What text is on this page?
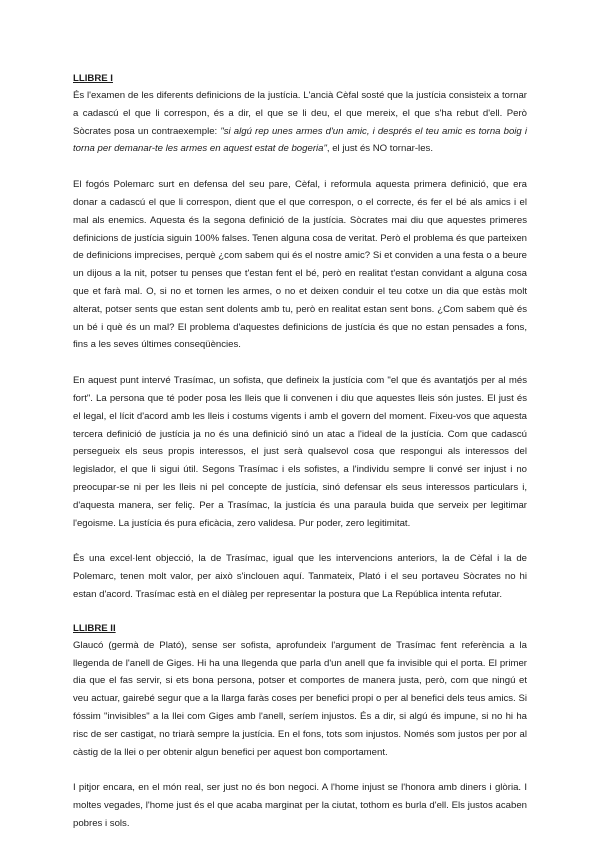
LLIBRE I

És l'examen de les diferents definicions de la justícia. L'ancià Cèfal sosté que la justícia consisteix a tornar a cadascú el que li correspon, és a dir, el que se li deu, el que mereix, el que s'ha rebut d'ell. Però Sòcrates posa un contraexemple: "si algú rep unes armes d'un amic, i després el teu amic es torna boig i torna per demanar-te les armes en aquest estat de bogeria", el just és NO tornar-les.

El fogós Polemarc surt en defensa del seu pare, Cèfal, i reformula aquesta primera definició, que era donar a cadascú el que li correspon, dient que el que correspon, o el correcte, és fer el bé als amics i el mal als enemics. Aquesta és la segona definició de la justícia. Sòcrates mai diu que aquestes primeres definicions de justícia siguin 100% falses. Tenen alguna cosa de veritat. Però el problema és que parteixen de definicions imprecises, perquè ¿com sabem qui és el nostre amic? Si et conviden a una festa o a beure un dijous a la nit, potser tu penses que t'estan fent el bé, però en realitat t'estan convidant a alguna cosa que et farà mal. O, si no et tornen les armes, o no et deixen conduir el teu cotxe un dia que estàs molt alterat, potser sents que estan sent dolents amb tu, però en realitat estan sent bons. ¿Com sabem què és un bé i què és un mal? El problema d'aquestes definicions de justícia és que no estan pensades a fons, fins a les seves últimes conseqüències.

En aquest punt intervé Trasímac, un sofista, que defineix la justícia com "el que és avantatjós per al més fort". La persona que té poder posa les lleis que li convenen i diu que aquestes lleis són justes. El just és el legal, el lícit d'acord amb les lleis i costums vigents i amb el govern del moment. Fixeu-vos que aquesta tercera definició de justícia ja no és una definició sinó un atac a l'ideal de la justícia. Com que cadascú persegueix els seus propis interessos, el just serà qualsevol cosa que respongui als interessos del legislador, el que li sigui útil. Segons Trasímac i els sofistes, a l'individu sempre li convé ser injust i no preocupar-se ni per les lleis ni pel concepte de justícia, sinó defensar els seus interessos particulars i, d'aquesta manera, ser feliç. Per a Trasímac, la justícia és una paraula buida que serveix per legitimar l'egoisme. La justícia és pura eficàcia, zero validesa. Pur poder, zero legitimitat.

És una excel·lent objecció, la de Trasímac, igual que les intervencions anteriors, la de Cèfal i la de Polemarc, tenen molt valor, per això s'inclouen aquí. Tanmateix, Plató i el seu portaveu Sòcrates no hi estan d'acord. Trasímac està en el diàleg per representar la postura que La República intenta refutar.

LLIBRE II

Glaucó (germà de Plató), sense ser sofista, aprofundeix l'argument de Trasímac fent referència a la llegenda de l'anell de Giges. Hi ha una llegenda que parla d'un anell que fa invisible qui el porta. El primer dia que el fas servir, si ets bona persona, potser et comportes de manera justa, però, com que ningú et veu actuar, gairebé segur que a la llarga faràs coses per benefici propi o per al benefici dels teus amics. Si fóssim "invisibles" a la llei com Giges amb l'anell, seríem injustos. És a dir, si algú és impune, si no hi ha risc de ser castigat, no triarà sempre la justícia. En el fons, tots som injustos. Només som justos per por al càstig de la llei o per obtenir algun benefici per aquest bon comportament.

I pitjor encara, en el món real, ser just no és bon negoci. A l'home injust se l'honora amb diners i glòria. I moltes vegades, l'home just és el que acaba marginat per la ciutat, tothom es burla d'ell. Els justos acaben pobres i sols.
